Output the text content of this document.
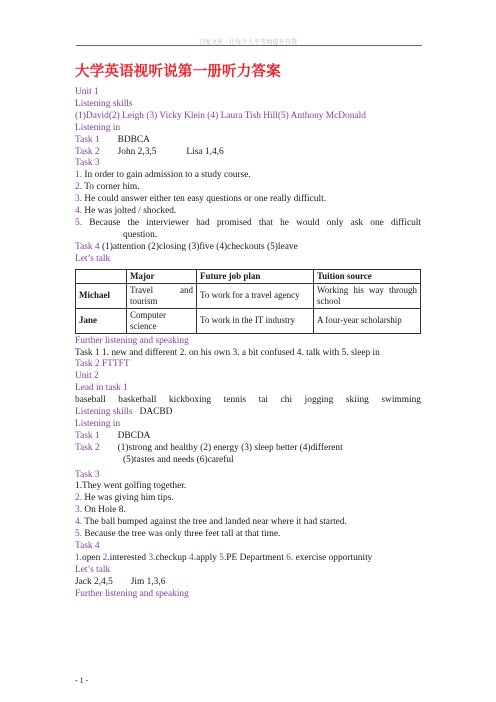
百度文库 - 让每个人平等地提升自我
大学英语视听说第一册听力答案
Unit 1
Listening skills
(1)David(2) Leigh (3) Vicky Klein (4) Laura Tish Hill(5) Anthony McDonald
Listening in
Task 1 BDBCA
Task 2 John 2,3,5	Lisa 1,4,6
Task 3
1. In order to gain admission to a study course.
2. To corner him.
3. He could answer either ten easy questions or one really difficult.
4. He was jolted / shocked.
5. Because the interviewer had promised that he would only ask one difficult
question.
Task 4 (1)attention (2)closing (3)five (4)checkouts (5)leave
Let’s talk
	Major	Future job plan	Tuition source
Michael	Travel and tourism	To work for a travel agency	Working his way through school
Jane	Computer science	To work in the IT industry	A four-year scholarship
Further listening and speaking
Task 1 1. new and different 2. on his own 3. a bit confused 4. talk with 5. sleep in
Task 2 FTTFT
Unit 2
Lead in task 1
baseball basketball kickboxing tennis tai chi jogging skiing swimming
Listening skills DACBD
Listening in
Task 1 DBCDA
Task 2 (1)strong and healthy (2) energy (3) sleep better (4)different
(5)tastes and needs (6)careful
Task 3
1.They went golfing together.
2. He was giving him tips.
3. On Hole 8.
4. The ball bumped against the tree and landed near where it had started.
5. Because the tree was only three feet tall at that time.
Task 4
1.open 2.interested 3.checkup 4.apply 5.PE Department 6. exercise opportunity
Let’s talk
Jack 2,4,5 Jim 1,3,6
Further listening and speaking
- 1 -
